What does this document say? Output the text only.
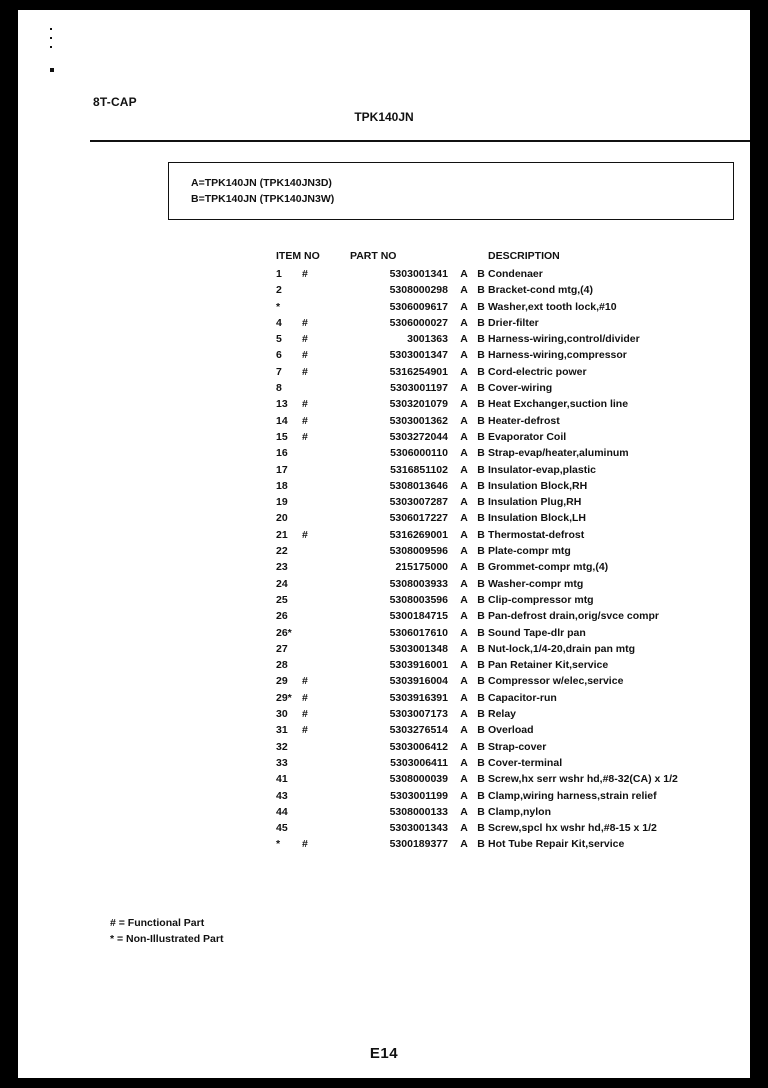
8T-CAP
TPK140JN
A=TPK140JN (TPK140JN3D)
B=TPK140JN (TPK140JN3W)
ITEM NO	PART NO	DESCRIPTION
1	#	5303001341 A B Condenaer
2	5308000298 A B Bracket-cond mtg,(4)
*	5306009617 A B Washer,ext tooth lock,#10
4	#	5306000027 A B Drier-filter
5	#	3001363 A B Harness-wiring,control/divider
6	#	5303001347 A B Harness-wiring,compressor
7	#	5316254901 A B Cord-electric power
8	5303001197 A B Cover-wiring
13	#	5303201079 A B Heat Exchanger,suction line
14	#	5303001362 A B Heater-defrost
15	#	5303272044 A B Evaporator Coil
16	5306000110 A B Strap-evap/heater,aluminum
17	5316851102 A B Insulator-evap,plastic
18	5308013646 A B Insulation Block,RH
19	5303007287 A B Insulation Plug,RH
20	5306017227 A B Insulation Block,LH
21	#	5316269001 A B Thermostat-defrost
22	5308009596 A B Plate-compr mtg
23	215175000 A B Grommet-compr mtg,(4)
24	5308003933 A B Washer-compr mtg
25	5308003596 A B Clip-compressor mtg
26	5300184715 A B Pan-defrost drain,orig/svce compr
26*	5306017610 A B Sound Tape-dlr pan
27	5303001348 A B Nut-lock,1/4-20,drain pan mtg
28	5303916001 A B Pan Retainer Kit,service
29	#	5303916004 A B Compressor w/elec,service
29* #	5303916391 A B Capacitor-run
30	#	5303007173 A B Relay
31	#	5303276514 A B Overload
32	5303006412 A B Strap-cover
33	5303006411 A B Cover-terminal
41	5308000039 A B Screw,hx serr wshr hd,#8-32(CA) x 1/2
43	5303001199 A B Clamp,wiring harness,strain relief
44	5308000133 A B Clamp,nylon
45	5303001343 A B Screw,spcl hx wshr hd,#8-15 x 1/2
*	#	5300189377 A B Hot Tube Repair Kit,service
# = Functional Part
* = Non-Illustrated Part
E14
